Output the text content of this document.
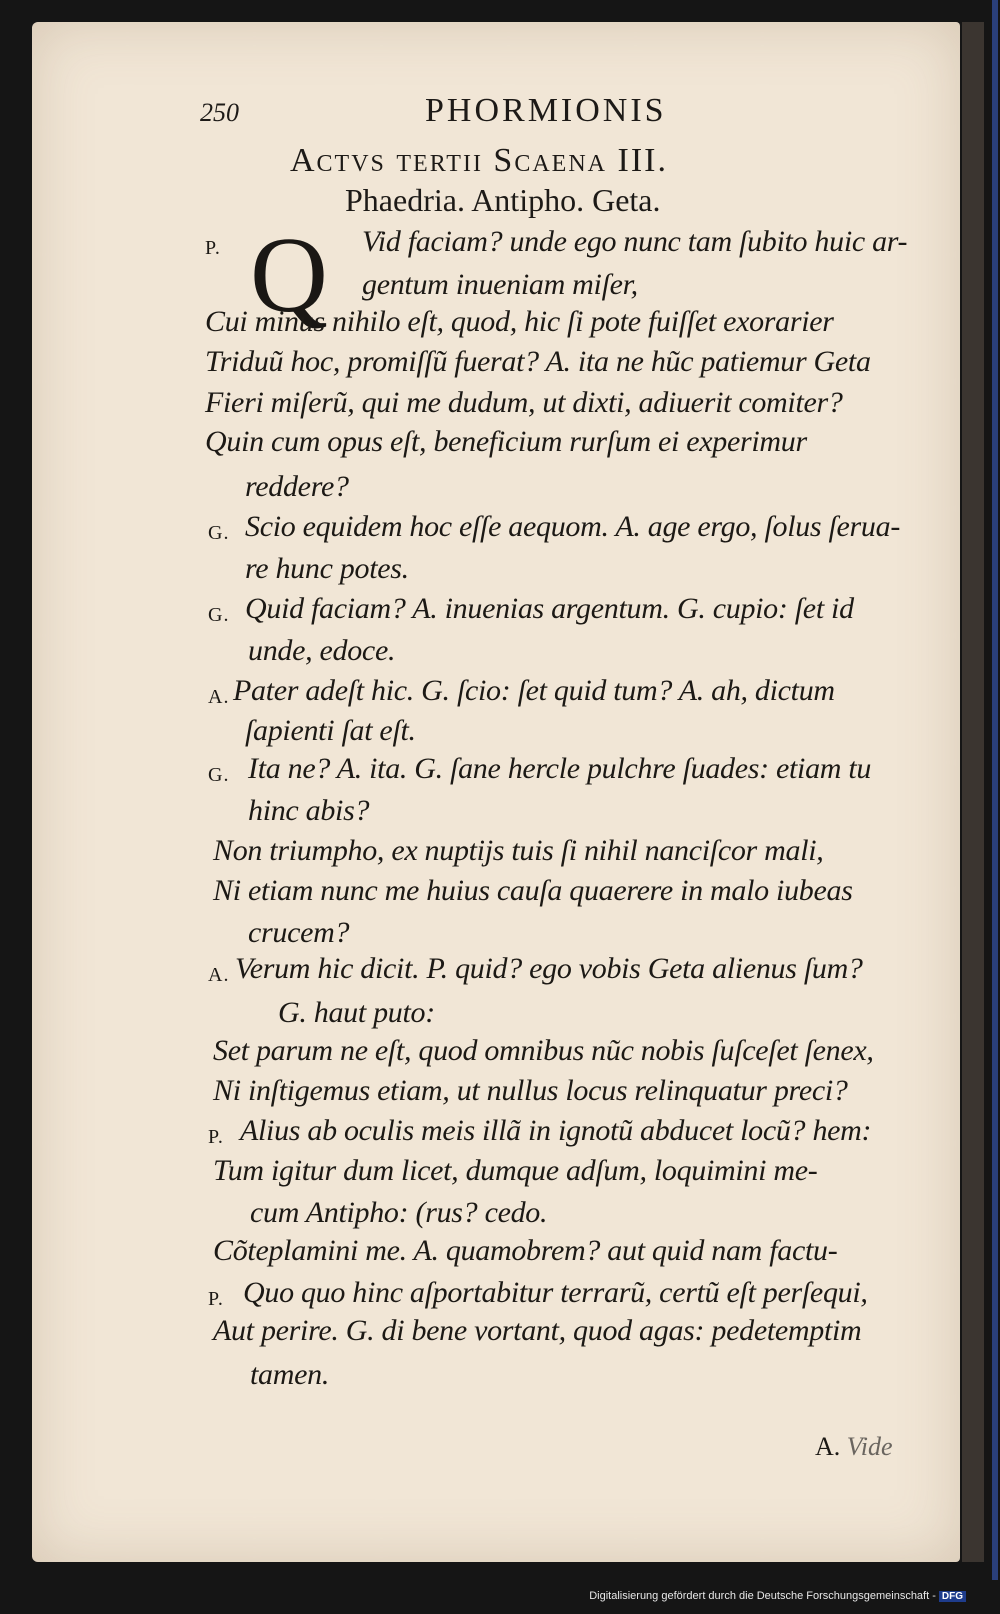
250	PHORMIONIS
Actvs tertii Scaena III.
Phaedria. Antipho. Geta.
Q
P.	Vid faciam? unde ego nunc tam ſubito huic ar-
gentum inueniam miſer,
Cui minus nihilo eſt, quod, hic ſi pote fuiſſet exorarier
Triduũ hoc, promiſſũ fuerat? A. ita ne hũc patiemur Geta
Fieri miſerũ, qui me dudum, ut dixti, adiuerit comiter?
Quin cum opus eſt, beneficium rurſum ei experimur
reddere?
G. Scio equidem hoc eſſe aequom. A. age ergo, ſolus ſerua-
re hunc potes.
G. Quid faciam? A. inuenias argentum. G. cupio: ſet id
unde, edoce.
A. Pater adeſt hic. G. ſcio: ſet quid tum? A. ah, dictum
ſapienti ſat eſt.
G. Ita ne? A. ita. G. ſane hercle pulchre ſuades: etiam tu
hinc abis?
Non triumpho, ex nuptijs tuis ſi nihil nanciſcor mali,
Ni etiam nunc me huius cauſa quaerere in malo iubeas
crucem?
A. Verum hic dicit. P. quid? ego vobis Geta alienus ſum?
G. haut puto:
Set parum ne eſt, quod omnibus nũc nobis ſuſceſet ſenex,
Ni inſtigemus etiam, ut nullus locus relinquatur preci?
P. Alius ab oculis meis illã in ignotũ abducet locũ? hem:
Tum igitur dum licet, dumque adſum, loquimini me-
cum Antipho: (rus? cedo.
Cõteplamini me. A. quamobrem? aut quid nam factu-
P. Quo quo hinc aſportabitur terrarũ, certũ eſt perſequi,
Aut perire. G. di bene vortant, quod agas: pedetemptim
tamen.
A. Vide
Digitalisierung gefördert durch die Deutsche Forschungsgemeinschaft - DFG
